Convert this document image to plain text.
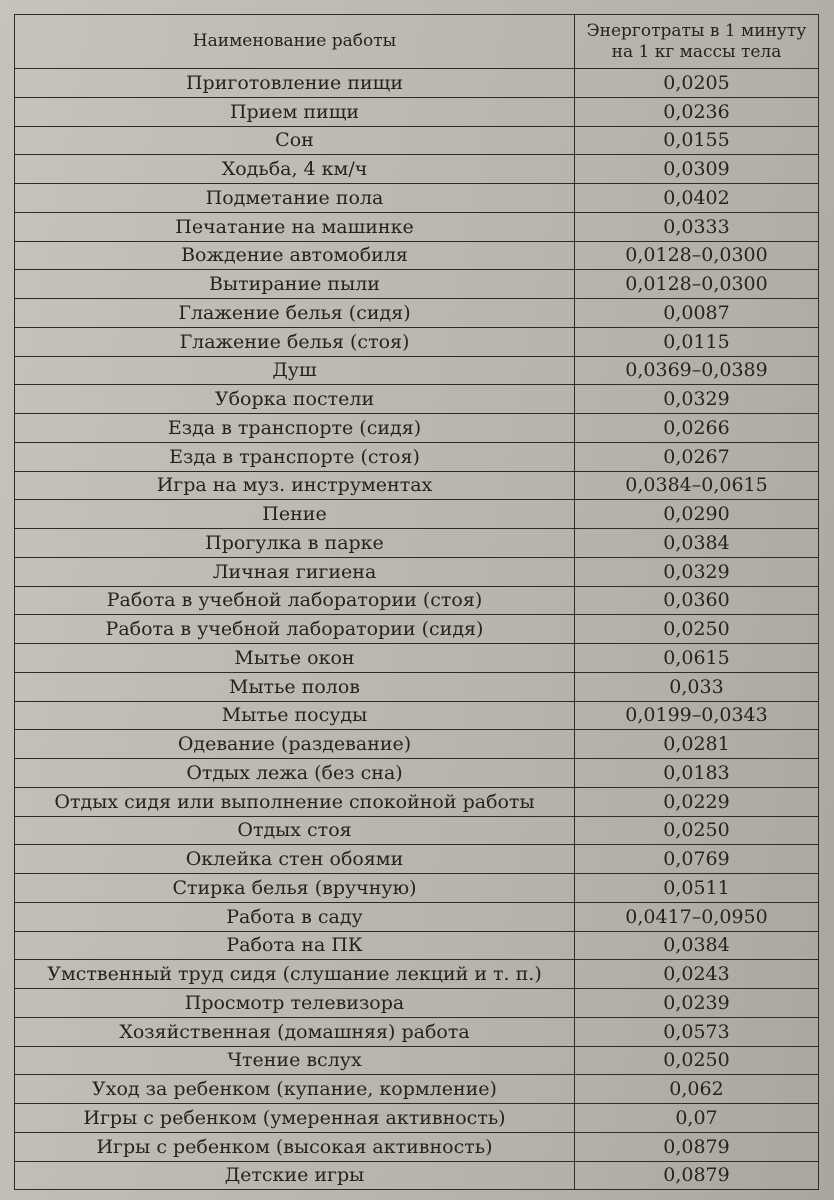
Наименование работы	Энерготраты в 1 минуту на 1 кг массы тела
Приготовление пищи	0,0205
Прием пищи	0,0236
Сон	0,0155
Ходьба, 4 км/ч	0,0309
Подметание пола	0,0402
Печатание на машинке	0,0333
Вождение автомобиля	0,0128–0,0300
Вытирание пыли	0,0128–0,0300
Глажение белья (сидя)	0,0087
Глажение белья (стоя)	0,0115
Душ	0,0369–0,0389
Уборка постели	0,0329
Езда в транспорте (сидя)	0,0266
Езда в транспорте (стоя)	0,0267
Игра на муз. инструментах	0,0384–0,0615
Пение	0,0290
Прогулка в парке	0,0384
Личная гигиена	0,0329
Работа в учебной лаборатории (стоя)	0,0360
Работа в учебной лаборатории (сидя)	0,0250
Мытье окон	0,0615
Мытье полов	0,033
Мытье посуды	0,0199–0,0343
Одевание (раздевание)	0,0281
Отдых лежа (без сна)	0,0183
Отдых сидя или выполнение спокойной работы	0,0229
Отдых стоя	0,0250
Оклейка стен обоями	0,0769
Стирка белья (вручную)	0,0511
Работа в саду	0,0417–0,0950
Работа на ПК	0,0384
Умственный труд сидя (слушание лекций и т. п.)	0,0243
Просмотр телевизора	0,0239
Хозяйственная (домашняя) работа	0,0573
Чтение вслух	0,0250
Уход за ребенком (купание, кормление)	0,062
Игры с ребенком (умеренная активность)	0,07
Игры с ребенком (высокая активность)	0,0879
Детские игры	0,0879
